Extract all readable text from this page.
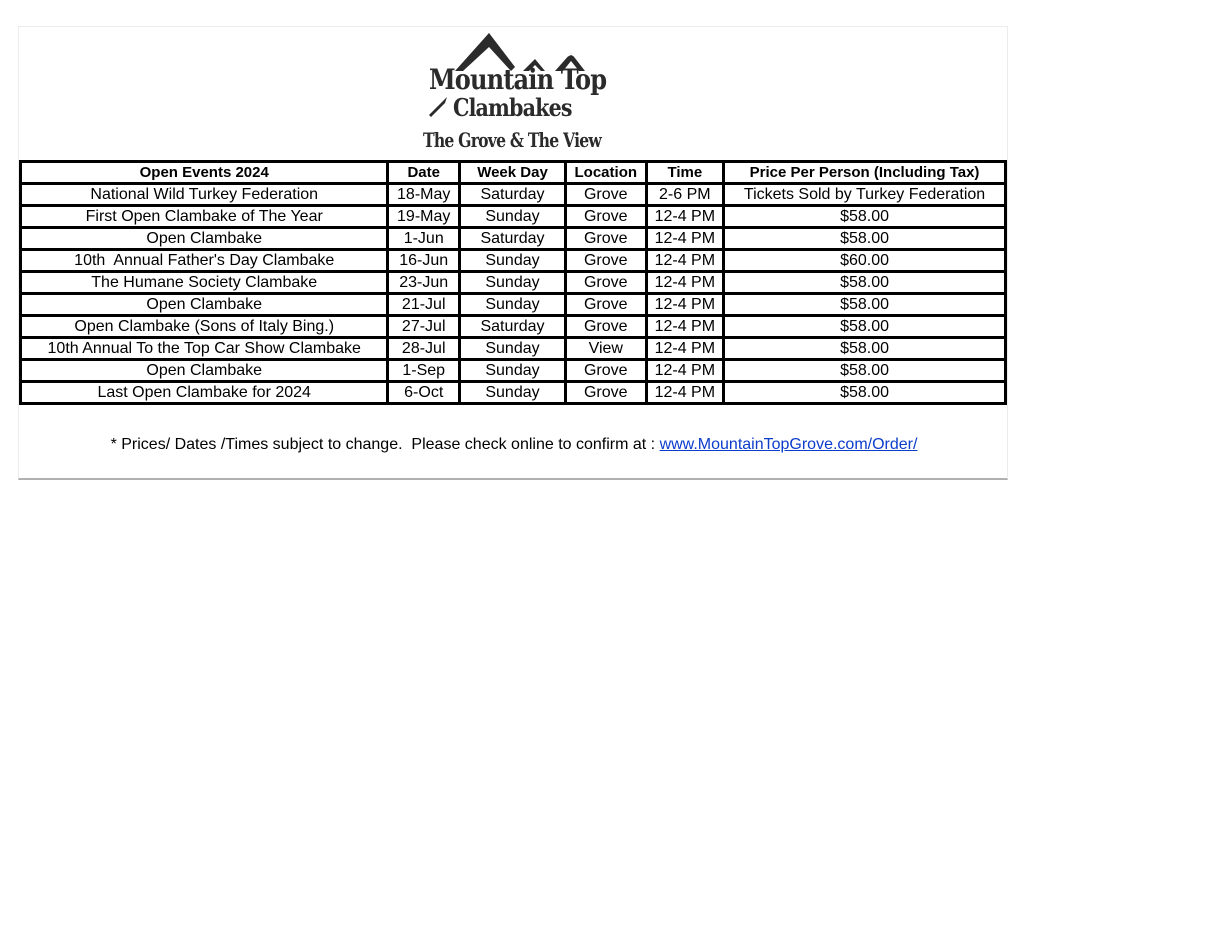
Mountain Top
Clambakes
The Grove & The View
Open Events 2024	Date	Week Day	Location	Time	Price Per Person (Including Tax)
National Wild Turkey Federation	18-May	Saturday	Grove	2-6 PM	Tickets Sold by Turkey Federation
First Open Clambake of The Year	19-May	Sunday	Grove	12-4 PM	$58.00
Open Clambake	1-Jun	Saturday	Grove	12-4 PM	$58.00
10th  Annual Father's Day Clambake	16-Jun	Sunday	Grove	12-4 PM	$60.00
The Humane Society Clambake	23-Jun	Sunday	Grove	12-4 PM	$58.00
Open Clambake	21-Jul	Sunday	Grove	12-4 PM	$58.00
Open Clambake (Sons of Italy Bing.)	27-Jul	Saturday	Grove	12-4 PM	$58.00
10th Annual To the Top Car Show Clambake	28-Jul	Sunday	View	12-4 PM	$58.00
Open Clambake	1-Sep	Sunday	Grove	12-4 PM	$58.00
Last Open Clambake for 2024	6-Oct	Sunday	Grove	12-4 PM	$58.00
* Prices/ Dates /Times subject to change.  Please check online to confirm at : www.MountainTopGrove.com/Order/
